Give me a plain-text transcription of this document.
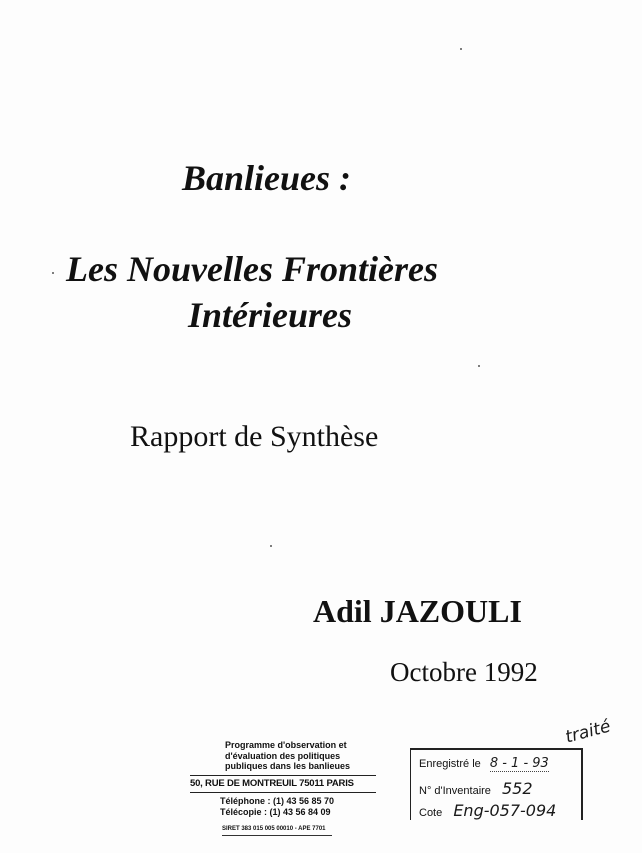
Banlieues :
Les Nouvelles Frontières
Intérieures
Rapport de Synthèse
Adil JAZOULI
Octobre 1992
Programme d'observation et
d'évaluation des politiques
publiques dans les banlieues
50, RUE DE MONTREUIL 75011 PARIS
Téléphone : (1) 43 56 85 70
Télécopie : (1) 43 56 84 09
SIRET 383 015 005 00010 - APE 7701
Enregistré le 8 - 1 - 93
N° d'Inventaire 552
Cote Eng-057-094
traité
